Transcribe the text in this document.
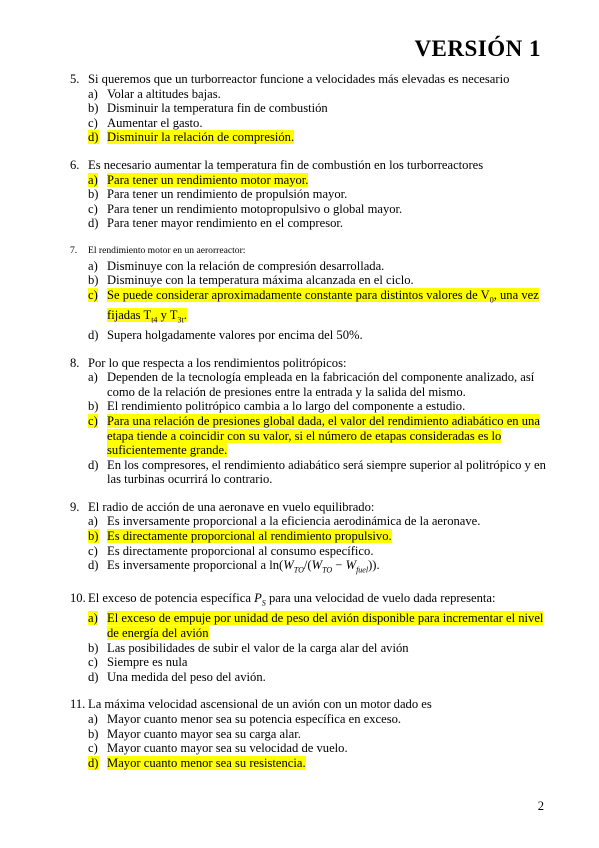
VERSIÓN 1
5. Si queremos que un turborreactor funcione a velocidades más elevadas es necesario
a) Volar a altitudes bajas.
b) Disminuir la temperatura fin de combustión
c) Aumentar el gasto.
d) Disminuir la relación de compresión.
6. Es necesario aumentar la temperatura fin de combustión en los turborreactores
a) Para tener un rendimiento motor mayor.
b) Para tener un rendimiento de propulsión mayor.
c) Para tener un rendimiento motopropulsivo o global mayor.
d) Para tener mayor rendimiento en el compresor.
7.	El rendimiento motor en un aerorreactor:
a) Disminuye con la relación de compresión desarrollada.
b) Disminuye con la temperatura máxima alcanzada en el ciclo.
c) Se puede considerar aproximadamente constante para distintos valores de $V_0$, una vez fijadas $T_{t4}$ y $T_{3t}$.
d) Supera holgadamente valores por encima del 50%.
8. Por lo que respecta a los rendimientos politrópicos:
a) Dependen de la tecnología empleada en la fabricación del componente analizado, así como de la relación de presiones entre la entrada y la salida del mismo.
b) El rendimiento politrópico cambia a lo largo del componente a estudio.
c) Para una relación de presiones global dada, el valor del rendimiento adiabático en una etapa tiende a coincidir con su valor, si el número de etapas consideradas es lo suficientemente grande.
d) En los compresores, el rendimiento adiabático será siempre superior al politrópico y en las turbinas ocurrirá lo contrario.
9. El radio de acción de una aeronave en vuelo equilibrado:
a) Es inversamente proporcional a la eficiencia aerodinámica de la aeronave.
b) Es directamente proporcional al rendimiento propulsivo.
c) Es directamente proporcional al consumo específico.
d) Es inversamente proporcional a $\ln(W_{TO}/(W_{TO} - W_{fuel}))$.
10. El exceso de potencia específica $P_S$ para una velocidad de vuelo dada representa:
a) El exceso de empuje por unidad de peso del avión disponible para incrementar el nivel de energía del avión
b) Las posibilidades de subir el valor de la carga alar del avión
c) Siempre es nula
d) Una medida del peso del avión.
11. La máxima velocidad ascensional de un avión con un motor dado es
a) Mayor cuanto menor sea su potencia específica en exceso.
b) Mayor cuanto mayor sea su carga alar.
c) Mayor cuanto mayor sea su velocidad de vuelo.
d) Mayor cuanto menor sea su resistencia.
2
